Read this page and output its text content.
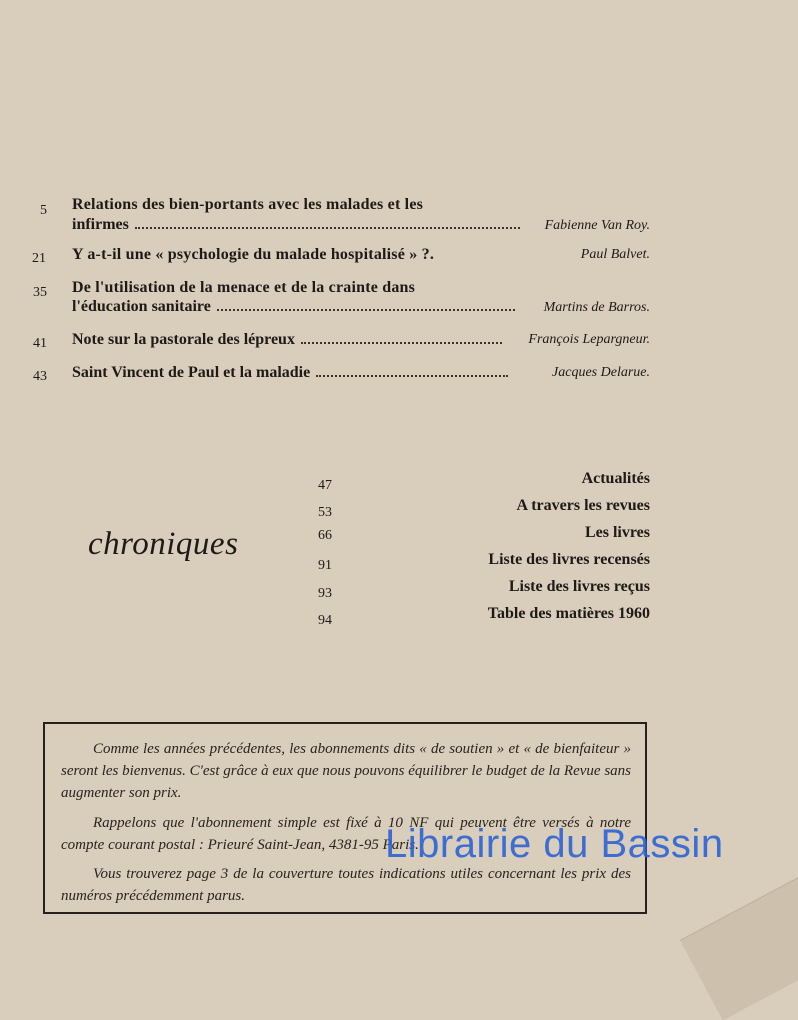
5	Relations des bien-portants avec les malades et les
infirmes	Fabienne Van Roy.
21	Y a-t-il une « psychologie du malade hospitalisé » ?.	Paul Balvet.
35	De l'utilisation de la menace et de la crainte dans
l'éducation sanitaire	Martins de Barros.
41	Note sur la pastorale des lépreux	François Lepargneur.
43	Saint Vincent de Paul et la maladie	Jacques Delarue.
chroniques
47	Actualités
53	A travers les revues
66	Les livres
91	Liste des livres recensés
93	Liste des livres reçus
94	Table des matières 1960

Comme les années précédentes, les abonnements dits « de soutien » et « de bienfaiteur » seront les bienvenus. C'est grâce à eux que nous pouvons équilibrer le budget de la Revue sans augmenter son prix.

Rappelons que l'abonnement simple est fixé à 10 NF qui peuvent être versés à notre compte courant postal : Prieuré Saint-Jean, 4381-95 Paris.

Vous trouverez page 3 de la couverture toutes indications utiles concernant les prix des numéros précédemment parus.

Librairie du Bassin
